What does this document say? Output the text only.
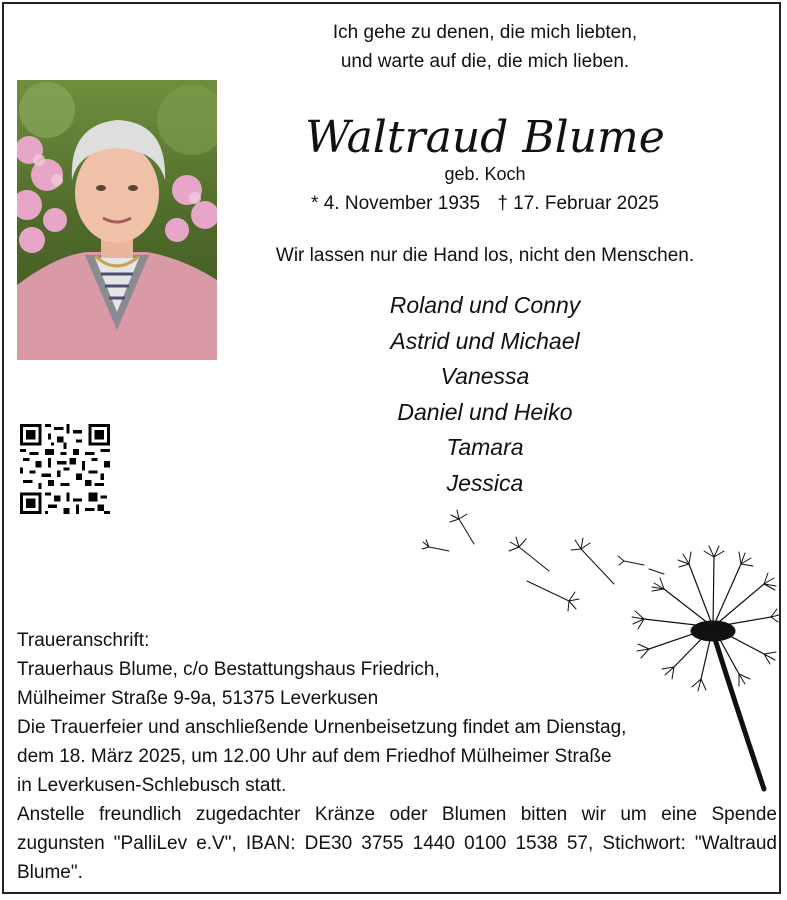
Ich gehe zu denen, die mich liebten,
und warte auf die, die mich lieben.
Waltraud Blume
geb. Koch
* 4. November 1935 † 17. Februar 2025
Wir lassen nur die Hand los, nicht den Menschen.
Roland und Conny
Astrid und Michael
Vanessa
Daniel und Heiko
Tamara
Jessica

Traueranschrift:

Trauerhaus Blume, c/o Bestattungshaus Friedrich,

Mülheimer Straße 9-9a, 51375 Leverkusen

Die Trauerfeier und anschließende Urnenbeisetzung findet am Dienstag,

dem 18. März 2025, um 12.00 Uhr auf dem Friedhof Mülheimer Straße

in Leverkusen-Schlebusch statt.

Anstelle freundlich zugedachter Kränze oder Blumen bitten wir um eine Spende zugunsten "PalliLev e.V", IBAN: DE30 3755 1440 0100 1538 57, Stichwort: "Waltraud Blume".
